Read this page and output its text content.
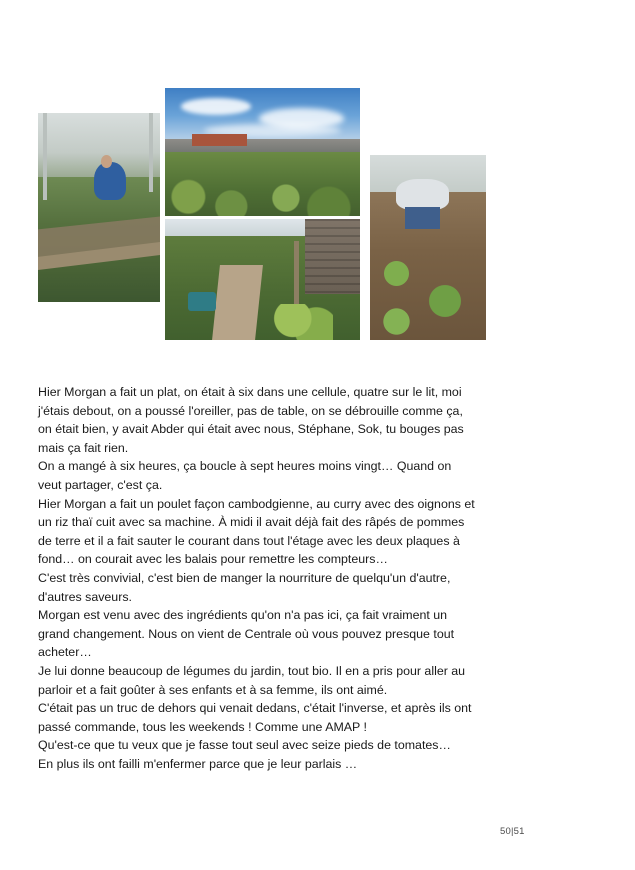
Hier Morgan a fait un plat, on était à six dans une cellule, quatre sur le lit, moi j'étais debout, on a poussé l'oreiller, pas de table, on se débrouille comme ça, on était bien, y avait Abder qui était avec nous, Stéphane, Sok, tu bouges pas mais ça fait rien.

On a mangé à six heures, ça boucle à sept heures moins vingt… Quand on veut partager, c'est ça.

Hier Morgan a fait un poulet façon cambodgienne, au curry avec des oignons et un riz thaï cuit avec sa machine. À midi il avait déjà fait des râpés de pommes de terre et il a fait sauter le courant dans tout l'étage avec les deux plaques à fond… on courait avec les balais pour remettre les compteurs…

C'est très convivial, c'est bien de manger la nourriture de quelqu'un d'autre, d'autres saveurs.

Morgan est venu avec des ingrédients qu'on n'a pas ici, ça fait vraiment un grand changement. Nous on vient de Centrale où vous pouvez presque tout acheter…

Je lui donne beaucoup de légumes du jardin, tout bio. Il en a pris pour aller au parloir et a fait goûter à ses enfants et à sa femme, ils ont aimé.

C'était pas un truc de dehors qui venait dedans, c'était l'inverse, et après ils ont passé commande, tous les weekends ! Comme une AMAP !

Qu'est-ce que tu veux que je fasse tout seul avec seize pieds de tomates…

En plus ils ont failli m'enfermer parce que je leur parlais …

50|51
